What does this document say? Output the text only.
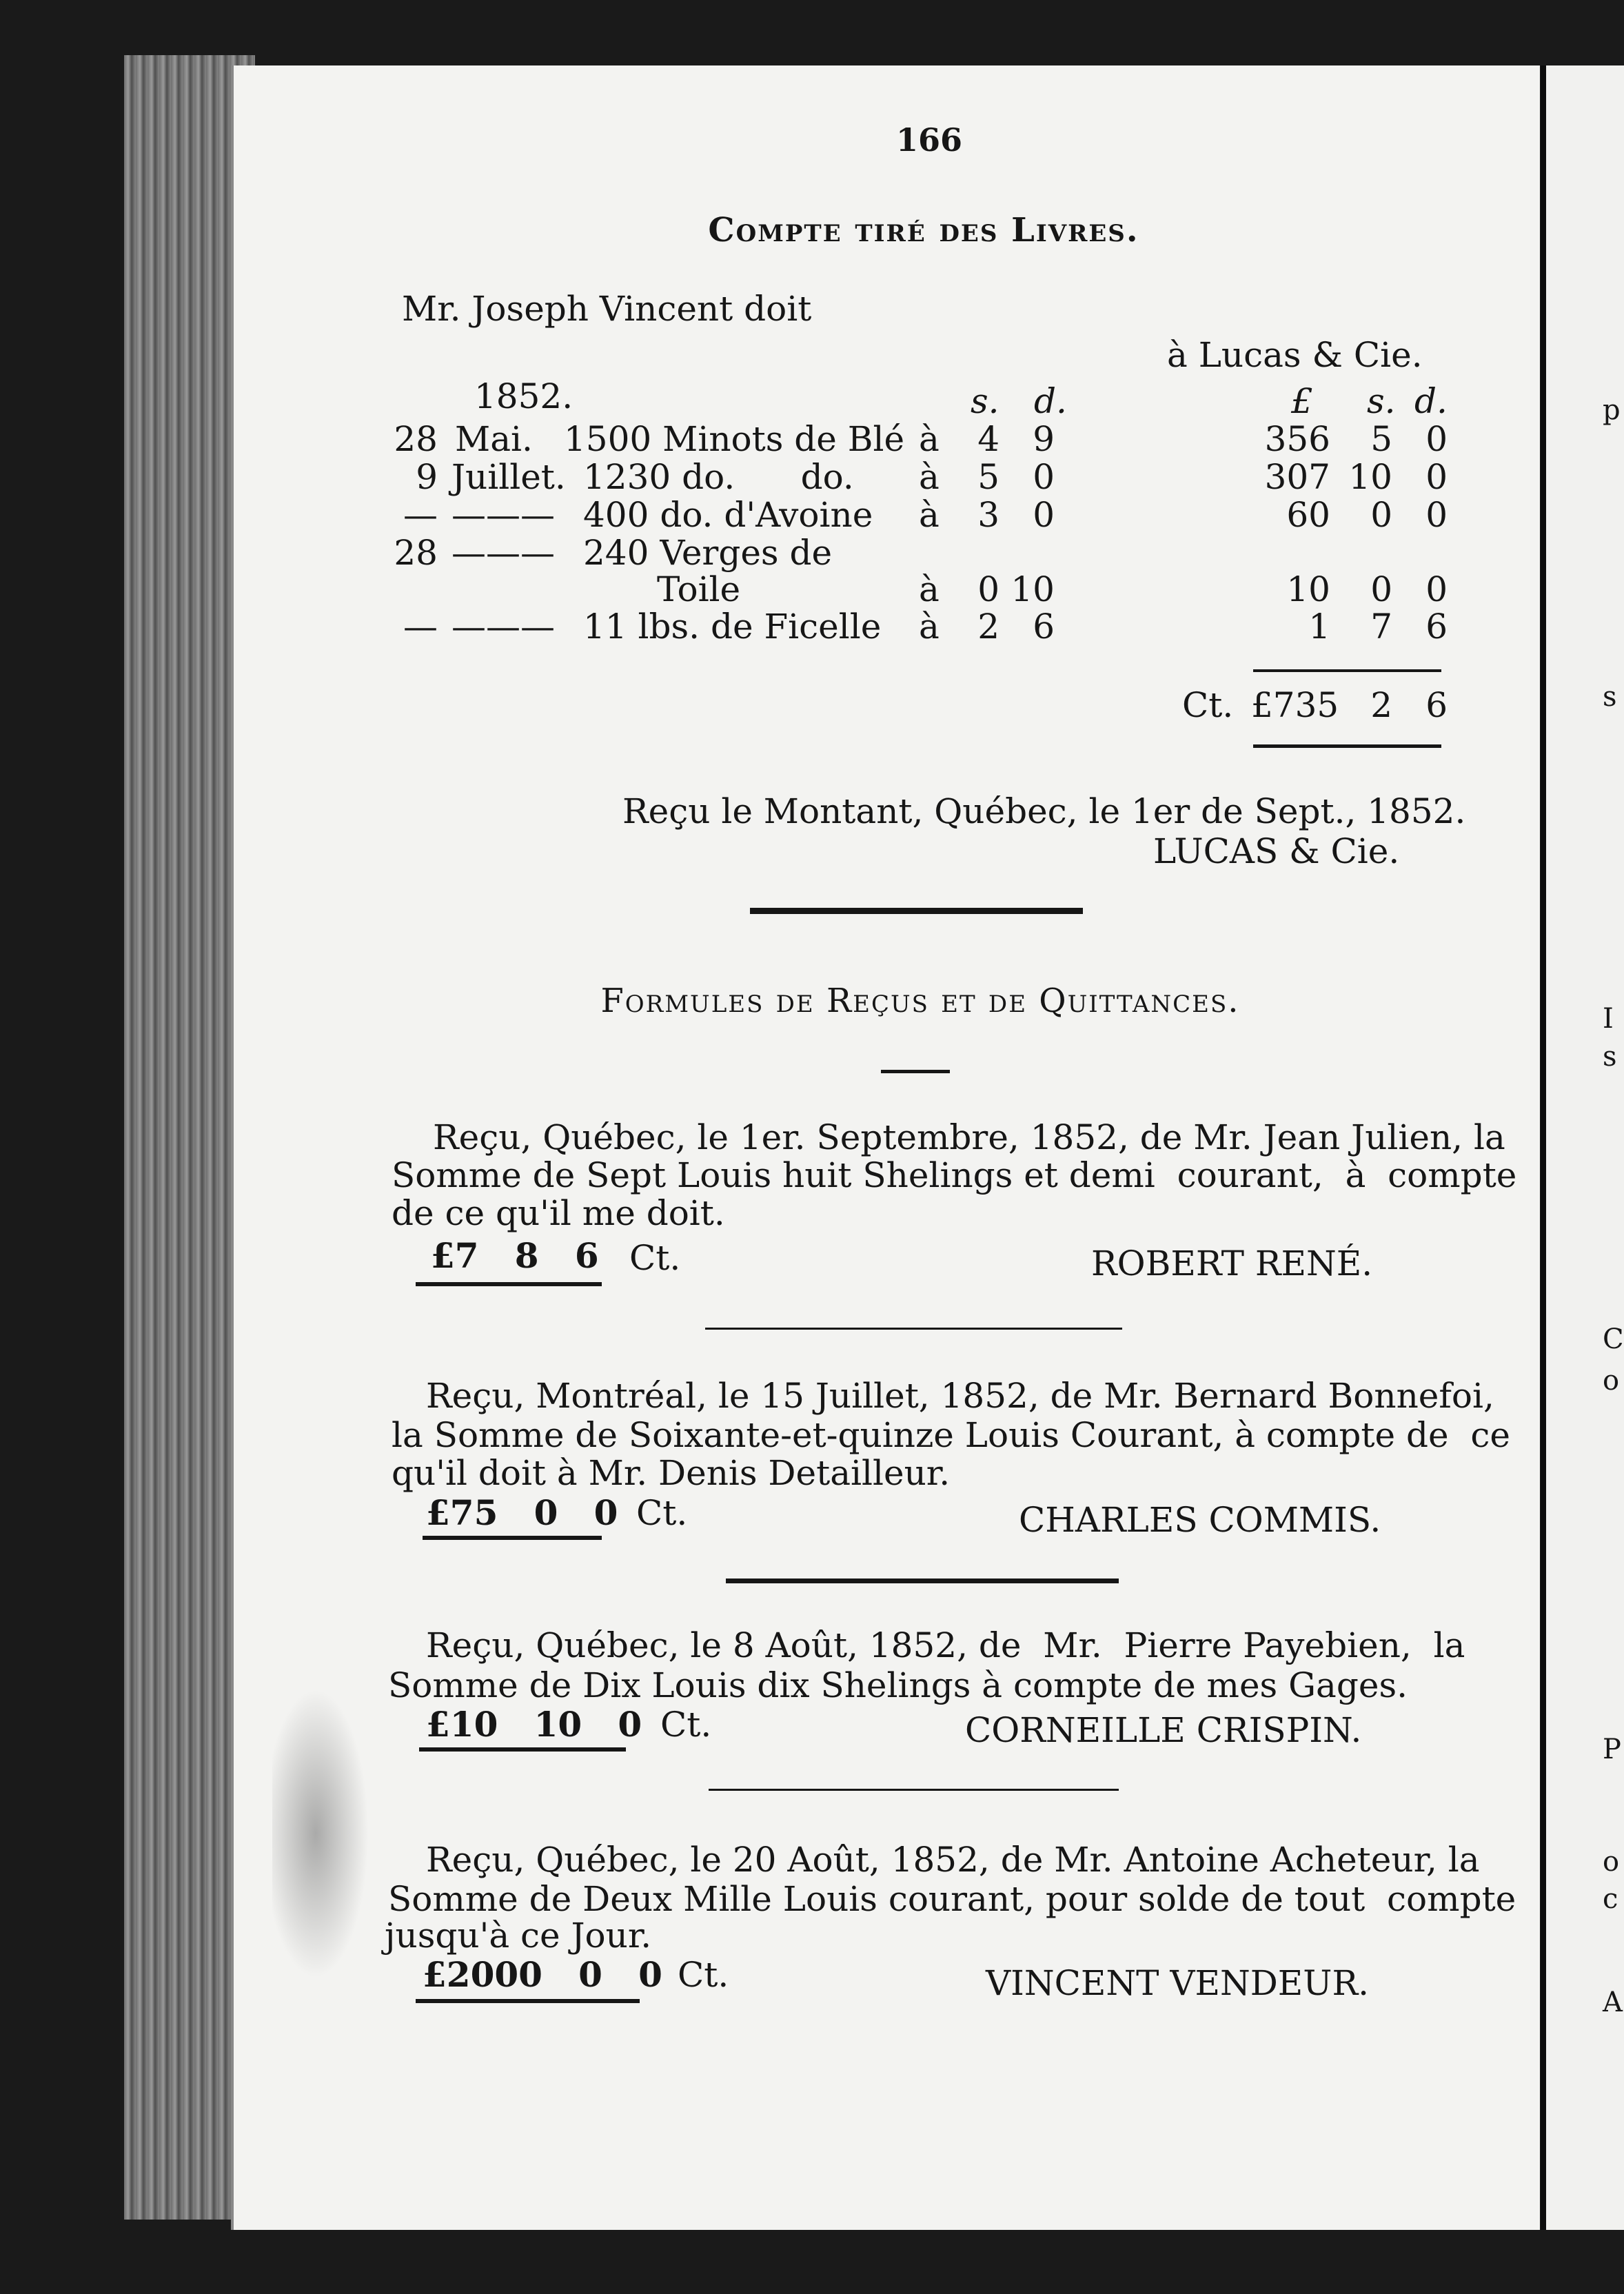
p
s
I
s
C
o
P
o
c
A
166
Compte tiré des Livres.
Mr. Joseph Vincent doit
à Lucas & Cie.
1852.	s. d.	£ s. d.
28 Mai. 1500 Minots de Blé à	4 9	356	5 0
9 Juillet. 1230 do.      do. à	5 0	307 10 0
— ——— 400 do. d'Avoine à	3 0	60	0 0
28 ——— 240 Verges de
Toile	à	0 10	10	0 0
— ——— 11 lbs. de Ficelle à	2 6	1	7 6
Ct. £735 2 6
Reçu le Montant, Québec, le 1er de Sept., 1852.
LUCAS & Cie.
Formules de Reçus et de Quittances.
Reçu, Québec, le 1er. Septembre, 1852, de Mr. Jean Julien, la
Somme de Sept Louis huit Shelings et demi  courant,  à  compte
de ce qu'il me doit.
£7   8   6 Ct.	ROBERT RENÉ.
Reçu, Montréal, le 15 Juillet, 1852, de Mr. Bernard Bonnefoi,
la Somme de Soixante-et-quinze Louis Courant, à compte de  ce
qu'il doit à Mr. Denis Detailleur.
£75   0   0 Ct.	CHARLES COMMIS.
Reçu, Québec, le 8 Août, 1852, de  Mr.  Pierre Payebien,  la
Somme de Dix Louis dix Shelings à compte de mes Gages.
£10   10   0 Ct.	CORNEILLE CRISPIN.
Reçu, Québec, le 20 Août, 1852, de Mr. Antoine Acheteur, la
Somme de Deux Mille Louis courant, pour solde de tout  compte
jusqu'à ce Jour.
£2000   0   0 Ct.	VINCENT VENDEUR.
